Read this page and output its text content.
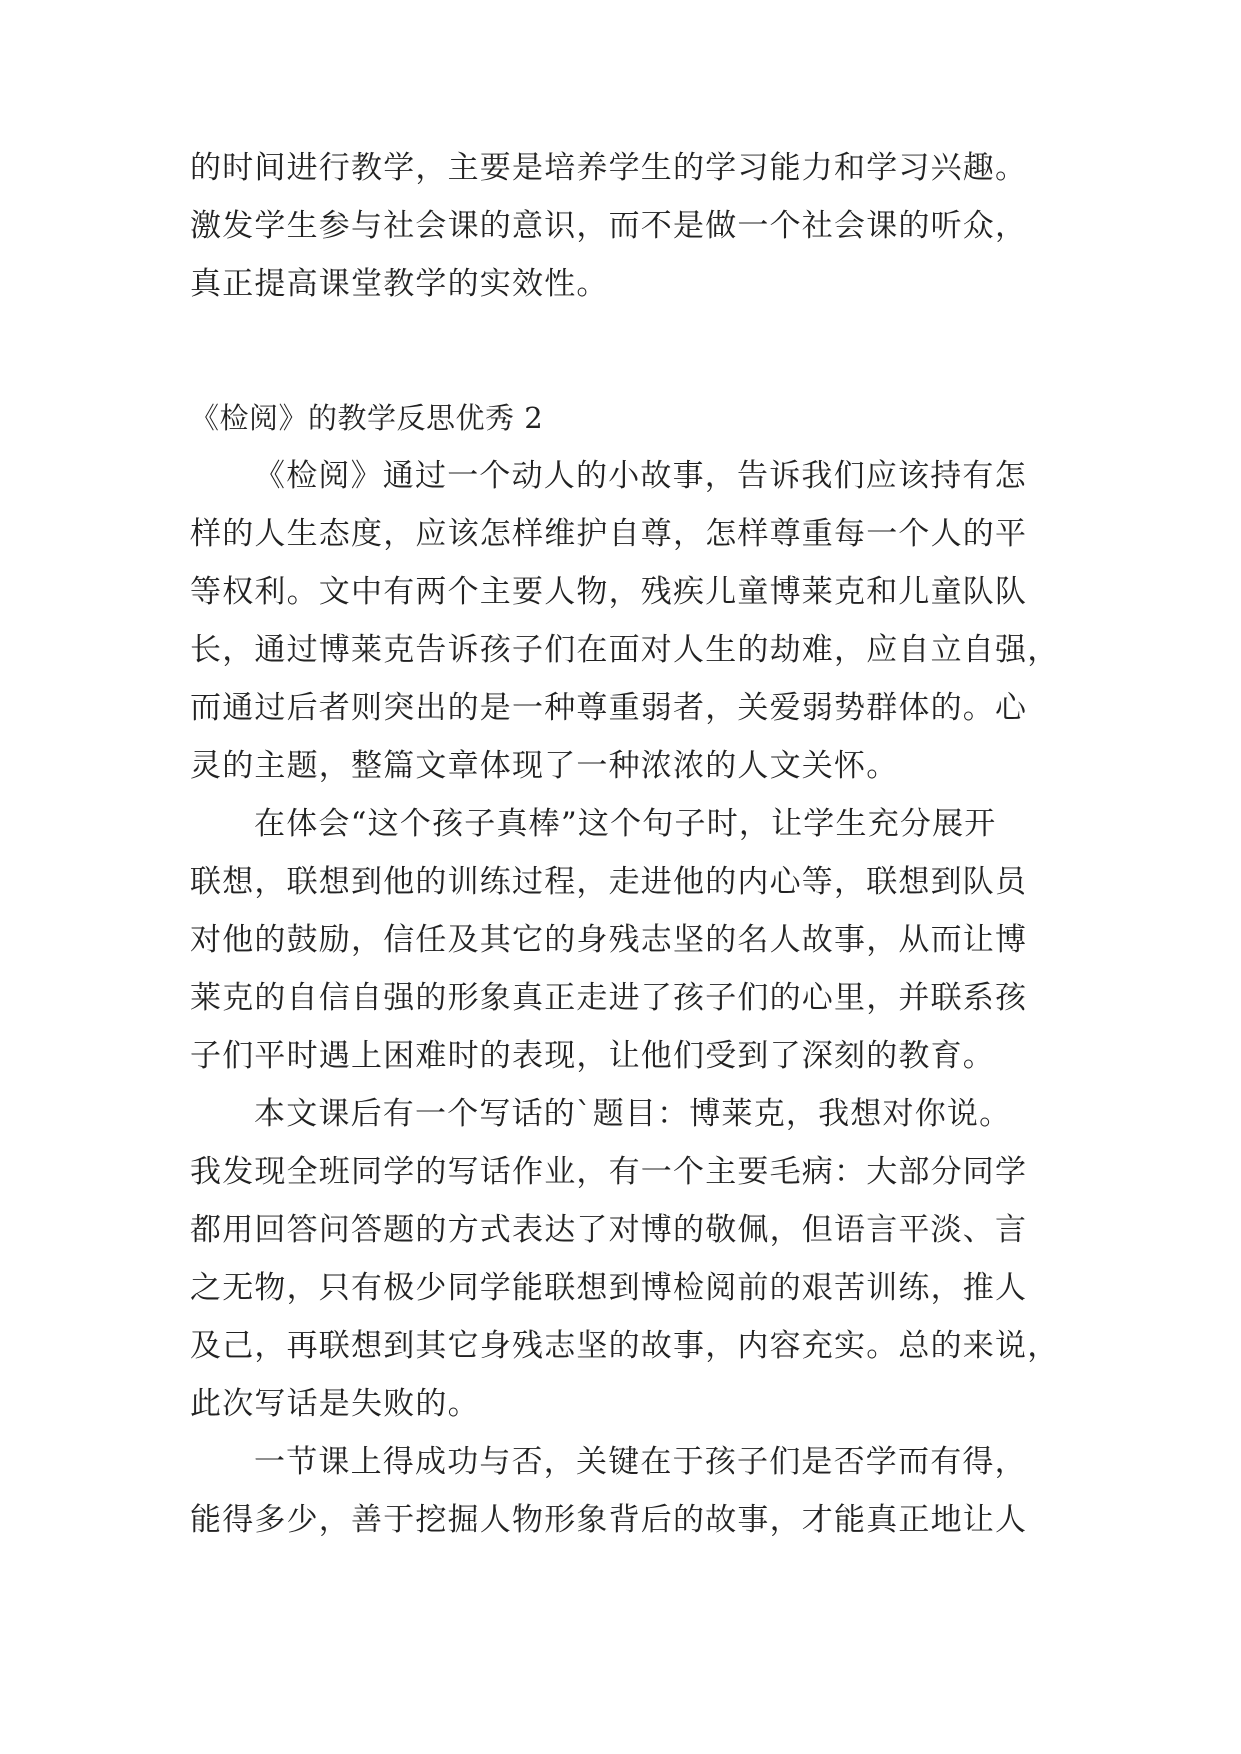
的时间进行教学，主要是培养学生的学习能力和学习兴趣。
激发学生参与社会课的意识，而不是做一个社会课的听众，
真正提高课堂教学的实效性。
《检阅》的教学反思优秀 2
《检阅》通过一个动人的小故事，告诉我们应该持有怎
样的人生态度，应该怎样维护自尊，怎样尊重每一个人的平
等权利。文中有两个主要人物，残疾儿童博莱克和儿童队队
长，通过博莱克告诉孩子们在面对人生的劫难，应自立自强，
而通过后者则突出的是一种尊重弱者，关爱弱势群体的。心
灵的主题，整篇文章体现了一种浓浓的人文关怀。
在体会“这个孩子真棒”这个句子时，让学生充分展开
联想，联想到他的训练过程，走进他的内心等，联想到队员
对他的鼓励，信任及其它的身残志坚的名人故事，从而让博
莱克的自信自强的形象真正走进了孩子们的心里，并联系孩
子们平时遇上困难时的表现，让他们受到了深刻的教育。
本文课后有一个写话的`题目：博莱克，我想对你说。
我发现全班同学的写话作业，有一个主要毛病：大部分同学
都用回答问答题的方式表达了对博的敬佩，但语言平淡、言
之无物，只有极少同学能联想到博检阅前的艰苦训练，推人
及己，再联想到其它身残志坚的故事，内容充实。总的来说，
此次写话是失败的。
一节课上得成功与否，关键在于孩子们是否学而有得，
能得多少，善于挖掘人物形象背后的故事，才能真正地让人
